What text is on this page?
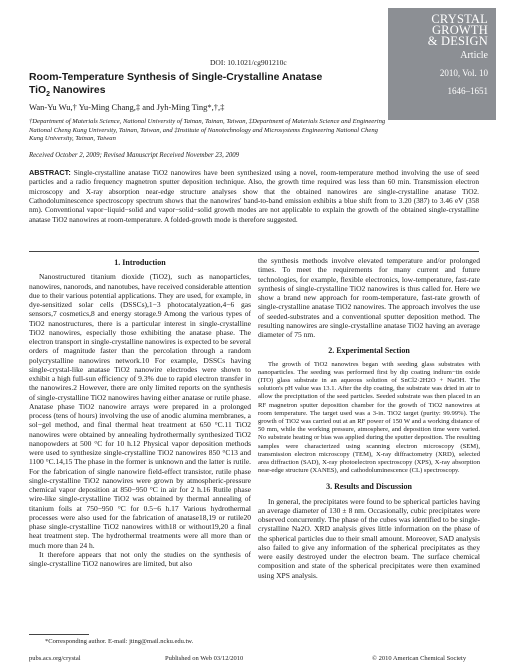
CRYSTAL
GROWTH
& DESIGN
Article
2010, Vol. 10
1646–1651
DOI: 10.1021/cg901210c
Room-Temperature Synthesis of Single-Crystalline Anatase
TiO$_2$ Nanowires
Wan-Yu Wu,† Yu-Ming Chang,‡ and Jyh-Ming Ting*,†,‡
†Department of Materials Science, National University of Tainan, Tainan, Taiwan, ‡Department of Materials Science and Engineering National Cheng Kung University, Tainan, Taiwan, and ‡Institute of Nanotechnology and Microsystems Engineering National Cheng Kung University, Tainan, Taiwan
Received October 2, 2009; Revised Manuscript Received November 23, 2009
ABSTRACT: Single-crystalline anatase TiO2 nanowires have been synthesized using a novel, room-temperature method involving the use of seed particles and a radio frequency magnetron sputter deposition technique. Also, the growth time required was less than 60 min. Transmission electron microscopy and X-ray absorption near-edge structure analyses show that the obtained nanowires are single-crystalline anatase TiO2. Cathodoluminescence spectroscopy spectrum shows that the nanowires' band-to-band emission exhibits a blue shift from to 3.20 (387) to 3.46 eV (358 nm). Conventional vapor−liquid−solid and vapor−solid−solid growth modes are not applicable to explain the growth of the obtained single-crystalline anatase TiO2 nanowires at room-temperature. A folded-growth mode is therefore suggested.
1. Introduction

Nanostructured titanium dioxide (TiO2), such as nanoparticles, nanowires, nanorods, and nanotubes, have received considerable attention due to their various potential applications. They are used, for example, in dye-sensitized solar cells (DSSCs),1−3 photocatalyzation,4−6 gas sensors,7 cosmetics,8 and energy storage.9 Among the various types of TiO2 nanostructures, there is a particular interest in single-crystalline TiO2 nanowires, especially those exhibiting the anatase phase. The electron transport in single-crystalline nanowires is expected to be several orders of magnitude faster than the percolation through a random polycrystalline nanowires network.10 For example, DSSCs having single-crystal-like anatase TiO2 nanowire electrodes were shown to exhibit a high full-sun efficiency of 9.3% due to rapid electron transfer in the nanowires.2 However, there are only limited reports on the synthesis of single-crystalline TiO2 nanowires having either anatase or rutile phase. Anatase phase TiO2 nanowire arrays were prepared in a prolonged process (tens of hours) involving the use of anodic alumina membranes, a sol−gel method, and final thermal heat treatment at 650 °C.11 TiO2 nanowires were obtained by annealing hydrothermally synthesized TiO2 nanopowders at 500 °C for 10 h.12 Physical vapor deposition methods were used to synthesize single-crystalline TiO2 nanowires 850 °C13 and 1100 °C.14,15 The phase in the former is unknown and the latter is rutile. For the fabrication of single nanowire field-effect transistor, rutile phase single-crystalline TiO2 nanowires were grown by atmospheric-pressure chemical vapor deposition at 850−950 °C in air for 2 h.16 Rutile phase wire-like single-crystalline TiO2 was obtained by thermal annealing of titanium foils at 750−950 °C for 0.5−6 h.17 Various hydrothermal processes were also used for the fabrication of anatase18,19 or rutile20 phase single-crystalline TiO2 nanowires with18 or without19,20 a final heat treatment step. The hydrothermal treatments were all more than or much more than 24 h.

It therefore appears that not only the studies on the synthesis of single-crystalline TiO2 nanowires are limited, but also

the synthesis methods involve elevated temperature and/or prolonged times. To meet the requirements for many current and future technologies, for example, flexible electronics, low-temperature, fast-rate synthesis of single-crystalline TiO2 nanowires is thus called for. Here we show a brand new approach for room-temperature, fast-rate growth of single-crystalline anatase TiO2 nanowires. The approach involves the use of seeded-substrates and a conventional sputter deposition method. The resulting nanowires are single-crystalline anatase TiO2 having an average diameter of 75 nm.

2. Experimental Section

The growth of TiO2 nanowires began with seeding glass substrates with nanoparticles. The seeding was performed first by dip coating indium−tin oxide (ITO) glass substrate in an aqueous solution of SnCl2·2H2O + NaOH. The solution's pH value was 13.1. After the dip coating, the substrate was dried in air to allow the precipitation of the seed particles. Seeded substrate was then placed in an RF magnetron sputter deposition chamber for the growth of TiO2 nanowires at room temperature. The target used was a 3-in. TiO2 target (purity: 99.99%). The growth of TiO2 was carried out at an RF power of 150 W and a working distance of 50 mm, while the working pressure, atmosphere, and deposition time were varied. No substrate heating or bias was applied during the sputter deposition. The resulting samples were characterized using scanning electron microscopy (SEM), transmission electron microscopy (TEM), X-ray diffractometry (XRD), selected area diffraction (SAD), X-ray photoelectron spectroscopy (XPS), X-ray absorption near-edge structure (XANES), and cathodoluminescence (CL) spectroscopy.

3. Results and Discussion

In general, the precipitates were found to be spherical particles having an average diameter of 130 ± 8 nm. Occasionally, cubic precipitates were observed concurrently. The phase of the cubes was identified to be single-crystalline Na2O. XRD analysis gives little information on the phase of the spherical particles due to their small amount. Moreover, SAD analysis also failed to give any information of the spherical precipitates as they were easily destroyed under the electron beam. The surface chemical composition and state of the spherical precipitates were then examined using XPS analysis.

*Corresponding author. E-mail: jting@mail.ncku.edu.tw.
pubs.acs.org/crystal	Published on Web 03/12/2010	© 2010 American Chemical Society
